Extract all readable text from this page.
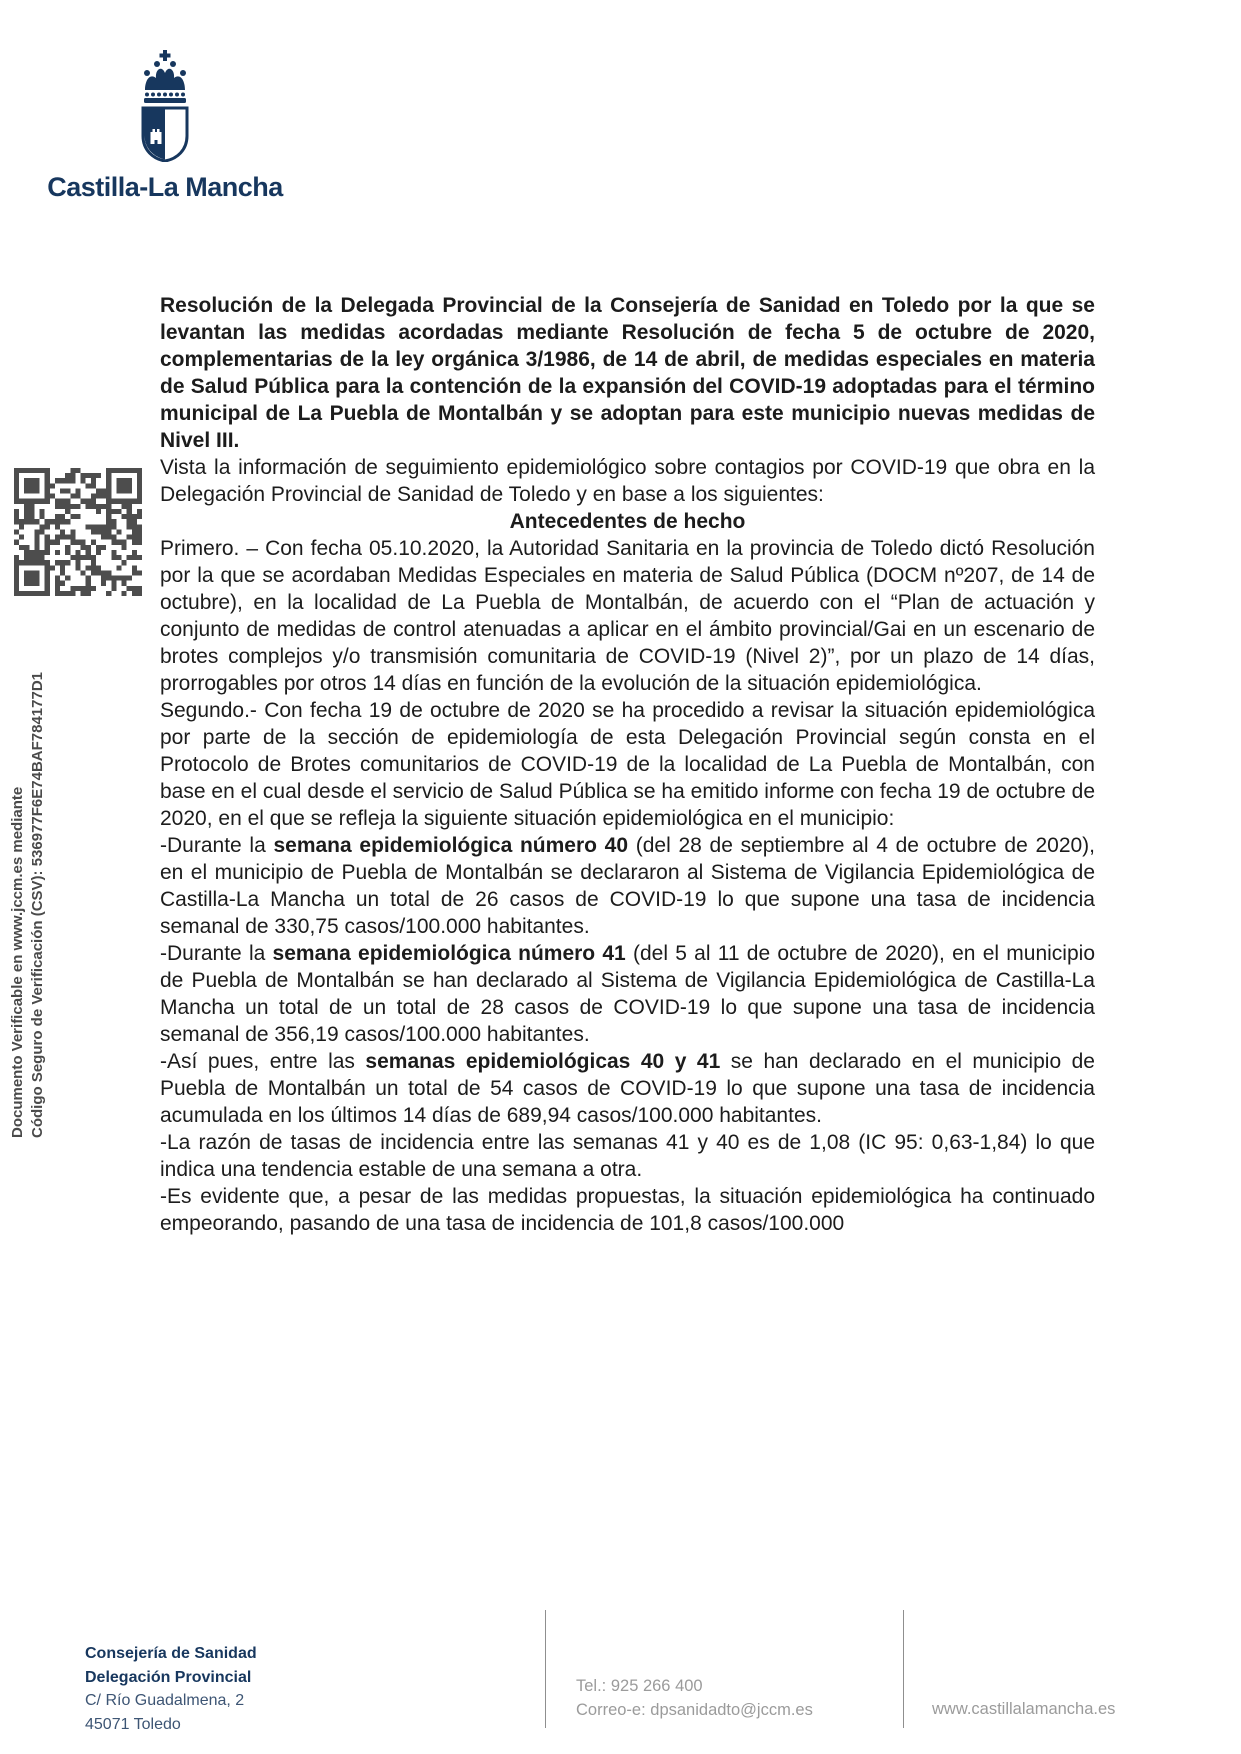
Castilla-La Mancha
Documento Verificable en www.jccm.es mediante Código Seguro de Verificación (CSV): 536977F6E74BAF784177D1

Resolución de la Delegada Provincial de la Consejería de Sanidad en Toledo por la que se levantan las medidas acordadas mediante Resolución de fecha 5 de octubre de 2020, complementarias de la ley orgánica 3/1986, de 14 de abril, de medidas especiales en materia de Salud Pública para la contención de la expansión del COVID-19 adoptadas para el término municipal de La Puebla de Montalbán y se adoptan para este municipio nuevas medidas de Nivel III.

Vista la información de seguimiento epidemiológico sobre contagios por COVID-19 que obra en la Delegación Provincial de Sanidad de Toledo y en base a los siguientes:

Antecedentes de hecho

Primero. – Con fecha 05.10.2020, la Autoridad Sanitaria en la provincia de Toledo dictó Resolución por la que se acordaban Medidas Especiales en materia de Salud Pública (DOCM nº207, de 14 de octubre), en la localidad de La Puebla de Montalbán, de acuerdo con el “Plan de actuación y conjunto de medidas de control atenuadas a aplicar en el ámbito provincial/Gai en un escenario de brotes complejos y/o transmisión comunitaria de COVID-19 (Nivel 2)”, por un plazo de 14 días, prorrogables por otros 14 días en función de la evolución de la situación epidemiológica.

Segundo.- Con fecha 19 de octubre de 2020 se ha procedido a revisar la situación epidemiológica por parte de la sección de epidemiología de esta Delegación Provincial según consta en el Protocolo de Brotes comunitarios de COVID-19 de la localidad de La Puebla de Montalbán, con base en el cual desde el servicio de Salud Pública se ha emitido informe con fecha 19 de octubre de 2020, en el que se refleja la siguiente situación epidemiológica en el municipio:

-Durante la semana epidemiológica número 40 (del 28 de septiembre al 4 de octubre de 2020), en el municipio de Puebla de Montalbán se declararon al Sistema de Vigilancia Epidemiológica de Castilla-La Mancha un total de 26 casos de COVID-19 lo que supone una tasa de incidencia semanal de 330,75 casos/100.000 habitantes.

-Durante la semana epidemiológica número 41 (del 5 al 11 de octubre de 2020), en el municipio de Puebla de Montalbán se han declarado al Sistema de Vigilancia Epidemiológica de Castilla-La Mancha un total de un total de 28 casos de COVID-19 lo que supone una tasa de incidencia semanal de 356,19 casos/100.000 habitantes.

-Así pues, entre las semanas epidemiológicas 40 y 41 se han declarado en el municipio de Puebla de Montalbán un total de 54 casos de COVID-19 lo que supone una tasa de incidencia acumulada en los últimos 14 días de 689,94 casos/100.000 habitantes.

-La razón de tasas de incidencia entre las semanas 41 y 40 es de 1,08 (IC 95: 0,63-1,84) lo que indica una tendencia estable de una semana a otra.

-Es evidente que, a pesar de las medidas propuestas, la situación epidemiológica ha continuado empeorando, pasando de una tasa de incidencia de 101,8 casos/100.000

Consejería de Sanidad
Delegación Provincial
C/ Río Guadalmena, 2
45071 Toledo
Tel.: 925 266 400
Correo-e: dpsanidadto@jccm.es	www.castillalamancha.es
